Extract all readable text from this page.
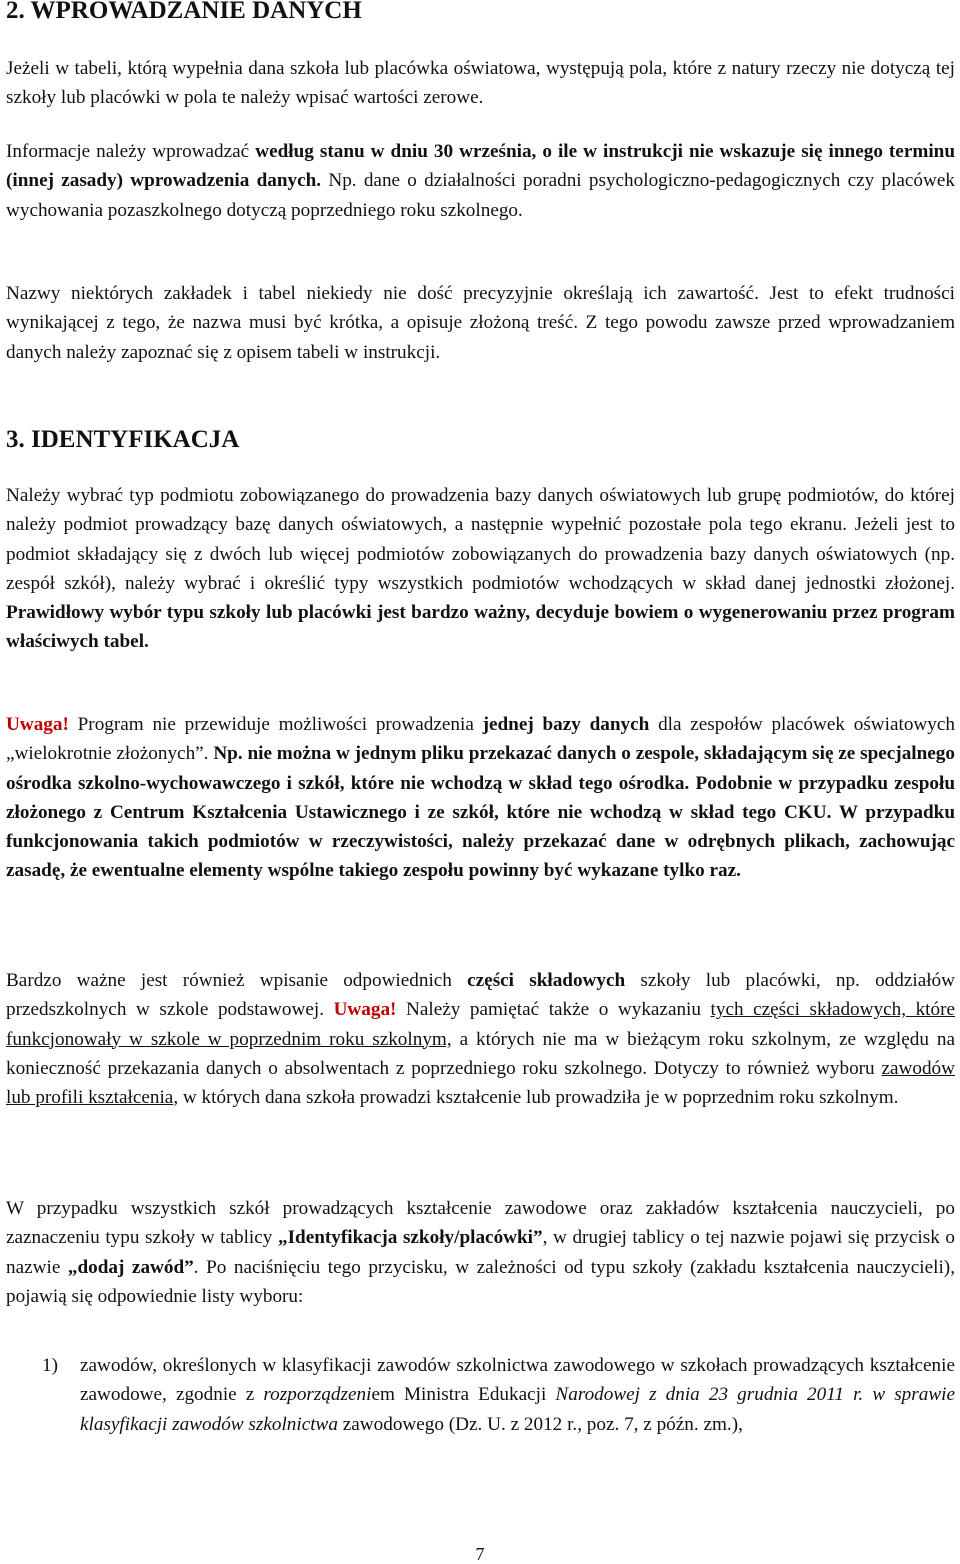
2. WPROWADZANIE DANYCH

Jeżeli w tabeli, którą wypełnia dana szkoła lub placówka oświatowa, występują pola, które z natury rzeczy nie dotyczą tej szkoły lub placówki w pola te należy wpisać wartości zerowe.

Informacje należy wprowadzać według stanu w dniu 30 września, o ile w instrukcji nie wskazuje się innego terminu (innej zasady) wprowadzenia danych. Np. dane o działalności poradni psychologiczno-pedagogicznych czy placówek wychowania pozaszkolnego dotyczą poprzedniego roku szkolnego.

Nazwy niektórych zakładek i tabel niekiedy nie dość precyzyjnie określają ich zawartość. Jest to efekt trudności wynikającej z tego, że nazwa musi być krótka, a opisuje złożoną treść. Z tego powodu zawsze przed wprowadzaniem danych należy zapoznać się z opisem tabeli w instrukcji.

3. IDENTYFIKACJA

Należy wybrać typ podmiotu zobowiązanego do prowadzenia bazy danych oświatowych lub grupę podmiotów, do której należy podmiot prowadzący bazę danych oświatowych, a następnie wypełnić pozostałe pola tego ekranu. Jeżeli jest to podmiot składający się z dwóch lub więcej podmiotów zobowiązanych do prowadzenia bazy danych oświatowych (np. zespół szkół), należy wybrać i określić typy wszystkich podmiotów wchodzących w skład danej jednostki złożonej. Prawidłowy wybór typu szkoły lub placówki jest bardzo ważny, decyduje bowiem o wygenerowaniu przez program właściwych tabel.

Uwaga! Program nie przewiduje możliwości prowadzenia jednej bazy danych dla zespołów placówek oświatowych „wielokrotnie złożonych”. Np. nie można w jednym pliku przekazać danych o zespole, składającym się ze specjalnego ośrodka szkolno-wychowawczego i szkół, które nie wchodzą w skład tego ośrodka. Podobnie w przypadku zespołu złożonego z Centrum Kształcenia Ustawicznego i ze szkół, które nie wchodzą w skład tego CKU. W przypadku funkcjonowania takich podmiotów w rzeczywistości, należy przekazać dane w odrębnych plikach, zachowując zasadę, że ewentualne elementy wspólne takiego zespołu powinny być wykazane tylko raz.

Bardzo ważne jest również wpisanie odpowiednich części składowych szkoły lub placówki, np. oddziałów przedszkolnych w szkole podstawowej. Uwaga! Należy pamiętać także o wykazaniu tych części składowych, które funkcjonowały w szkole w poprzednim roku szkolnym, a których nie ma w bieżącym roku szkolnym, ze względu na konieczność przekazania danych o absolwentach z poprzedniego roku szkolnego. Dotyczy to również wyboru zawodów lub profili kształcenia, w których dana szkoła prowadzi kształcenie lub prowadziła je w poprzednim roku szkolnym.

W przypadku wszystkich szkół prowadzących kształcenie zawodowe oraz zakładów kształcenia nauczycieli, po zaznaczeniu typu szkoły w tablicy „Identyfikacja szkoły/placówki”, w drugiej tablicy o tej nazwie pojawi się przycisk o nazwie „dodaj zawód”. Po naciśnięciu tego przycisku, w zależności od typu szkoły (zakładu kształcenia nauczycieli), pojawią się odpowiednie listy wyboru:

1) zawodów, określonych w klasyfikacji zawodów szkolnictwa zawodowego w szkołach prowadzących kształcenie zawodowe, zgodnie z rozporządzeniem Ministra Edukacji Narodowej z dnia 23 grudnia 2011 r. w sprawie klasyfikacji zawodów szkolnictwa zawodowego (Dz. U. z 2012 r., poz. 7, z późn. zm.),
7
